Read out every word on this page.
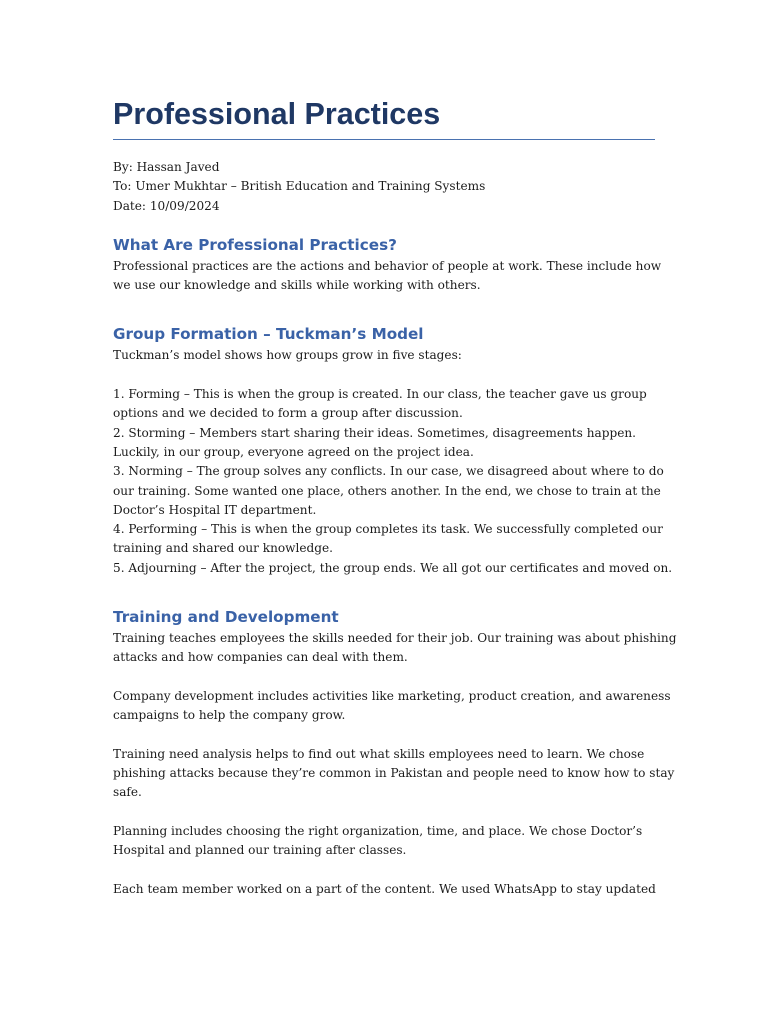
Professional Practices
By: Hassan Javed
To: Umer Mukhtar – British Education and Training Systems
Date: 10/09/2024
What Are Professional Practices?
Professional practices are the actions and behavior of people at work. These include how
we use our knowledge and skills while working with others.
Group Formation – Tuckman’s Model
Tuckman’s model shows how groups grow in five stages:
1. Forming – This is when the group is created. In our class, the teacher gave us group
options and we decided to form a group after discussion.
2. Storming – Members start sharing their ideas. Sometimes, disagreements happen.
Luckily, in our group, everyone agreed on the project idea.
3. Norming – The group solves any conflicts. In our case, we disagreed about where to do
our training. Some wanted one place, others another. In the end, we chose to train at the
Doctor’s Hospital IT department.
4. Performing – This is when the group completes its task. We successfully completed our
training and shared our knowledge.
5. Adjourning – After the project, the group ends. We all got our certificates and moved on.
Training and Development
Training teaches employees the skills needed for their job. Our training was about phishing
attacks and how companies can deal with them.
Company development includes activities like marketing, product creation, and awareness
campaigns to help the company grow.
Training need analysis helps to find out what skills employees need to learn. We chose
phishing attacks because they’re common in Pakistan and people need to know how to stay
safe.
Planning includes choosing the right organization, time, and place. We chose Doctor’s
Hospital and planned our training after classes.
Each team member worked on a part of the content. We used WhatsApp to stay updated
